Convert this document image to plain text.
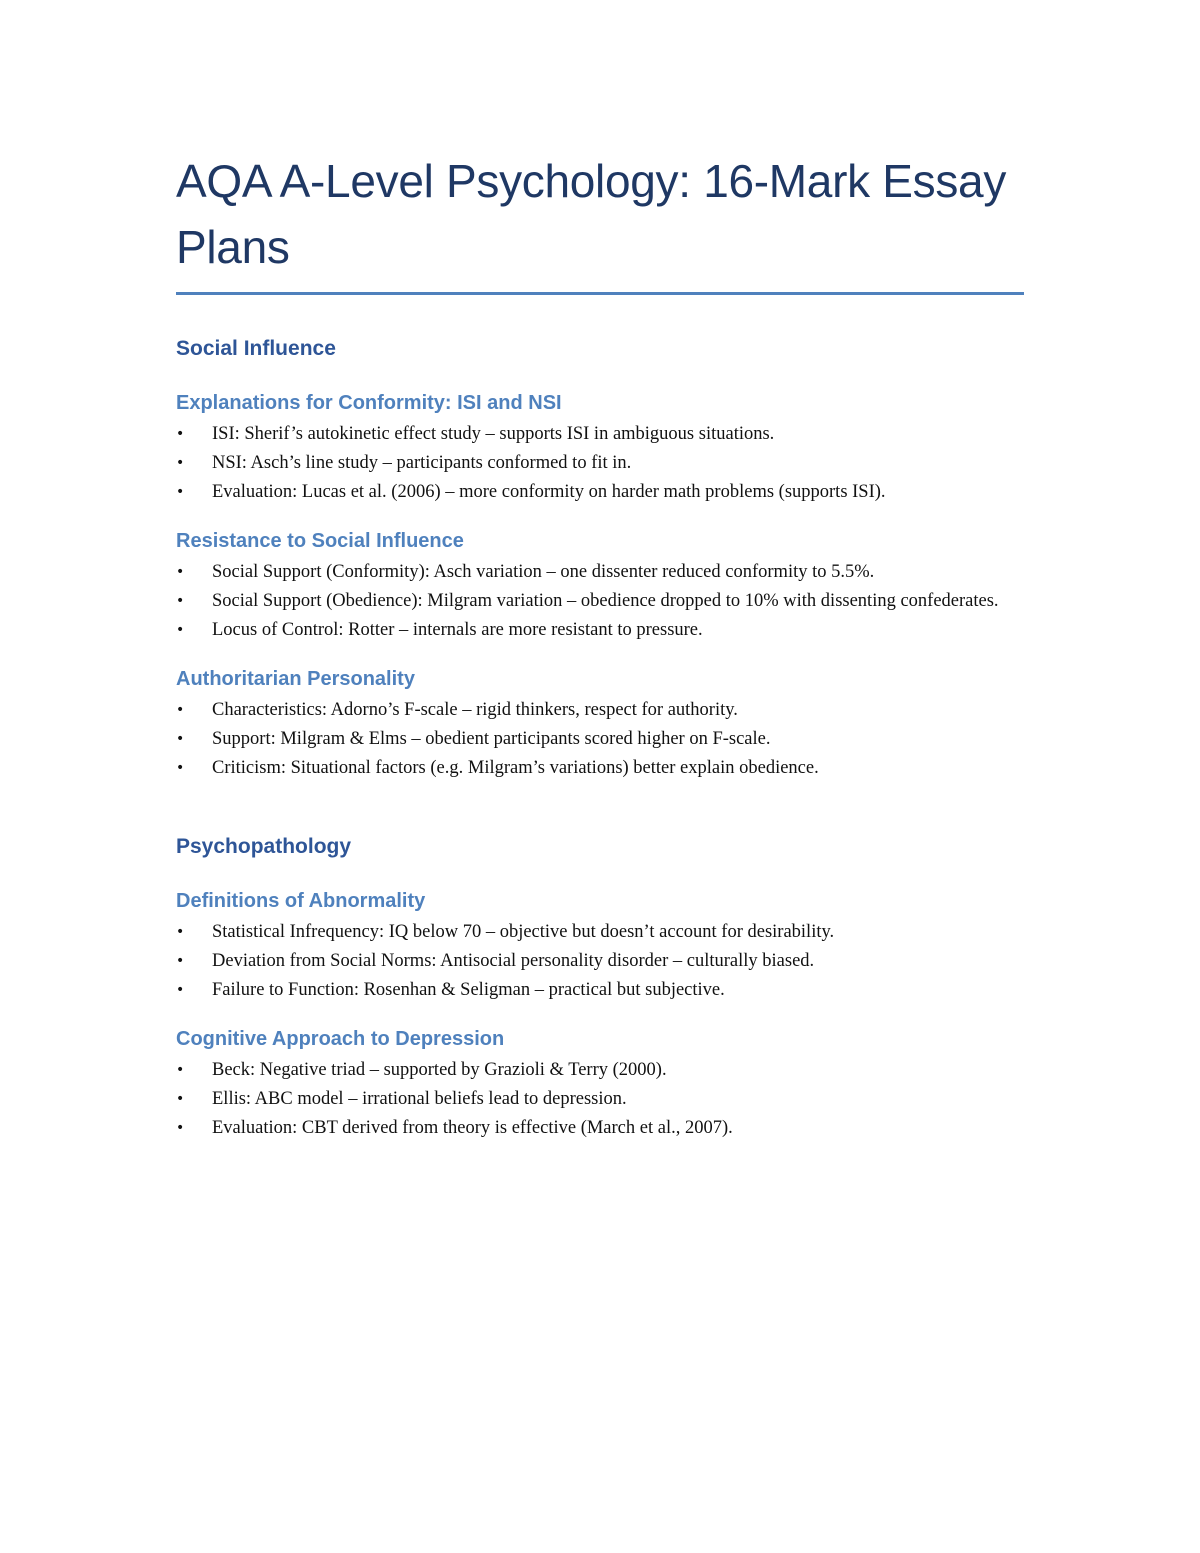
AQA A-Level Psychology: 16-Mark Essay Plans
Social Influence
Explanations for Conformity: ISI and NSI
• ISI: Sherif’s autokinetic effect study – supports ISI in ambiguous situations.
• NSI: Asch’s line study – participants conformed to fit in.
• Evaluation: Lucas et al. (2006) – more conformity on harder math problems (supports ISI).
Resistance to Social Influence
• Social Support (Conformity): Asch variation – one dissenter reduced conformity to 5.5%.
• Social Support (Obedience): Milgram variation – obedience dropped to 10% with dissenting confederates.
• Locus of Control: Rotter – internals are more resistant to pressure.
Authoritarian Personality
• Characteristics: Adorno’s F-scale – rigid thinkers, respect for authority.
• Support: Milgram & Elms – obedient participants scored higher on F-scale.
• Criticism: Situational factors (e.g. Milgram’s variations) better explain obedience.
Psychopathology
Definitions of Abnormality
• Statistical Infrequency: IQ below 70 – objective but doesn’t account for desirability.
• Deviation from Social Norms: Antisocial personality disorder – culturally biased.
• Failure to Function: Rosenhan & Seligman – practical but subjective.
Cognitive Approach to Depression
• Beck: Negative triad – supported by Grazioli & Terry (2000).
• Ellis: ABC model – irrational beliefs lead to depression.
• Evaluation: CBT derived from theory is effective (March et al., 2007).
